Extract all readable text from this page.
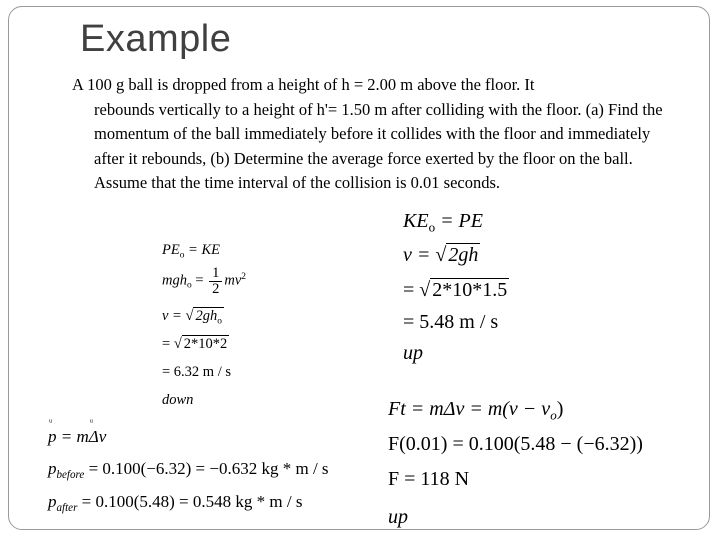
Example
A 100 g ball is dropped from a height of h = 2.00 m above the floor. It
rebounds vertically to a height of h'= 1.50 m after colliding with the floor. (a) Find the momentum of the ball immediately before it collides with the floor and immediately after it rebounds, (b) Determine the average force exerted by the floor on the ball. Assume that the time interval of the collision is 0.01 seconds.
$PE_o$ = KE
$mgh_o = \frac{1}{2} mv^2$
v = √ $2gh_o$
= √ 2*10*2
= 6.32 m / s
down
$KE_o$ = PE
v = √ 2gh
= √ 2*10*1.5
= 5.48 m / s
up
ᵘ p = mᵘ Δv
$p_{before} = 0.100(-6.32) = -0.632$ kg * m / s
$p_{after} = 0.100(5.48) = 0.548$ kg * m / s
$Ft = m\Delta v = m(v - v_o)$
F(0.01) = 0.100(5.48 − (−6.32))
F = 118 N
up
